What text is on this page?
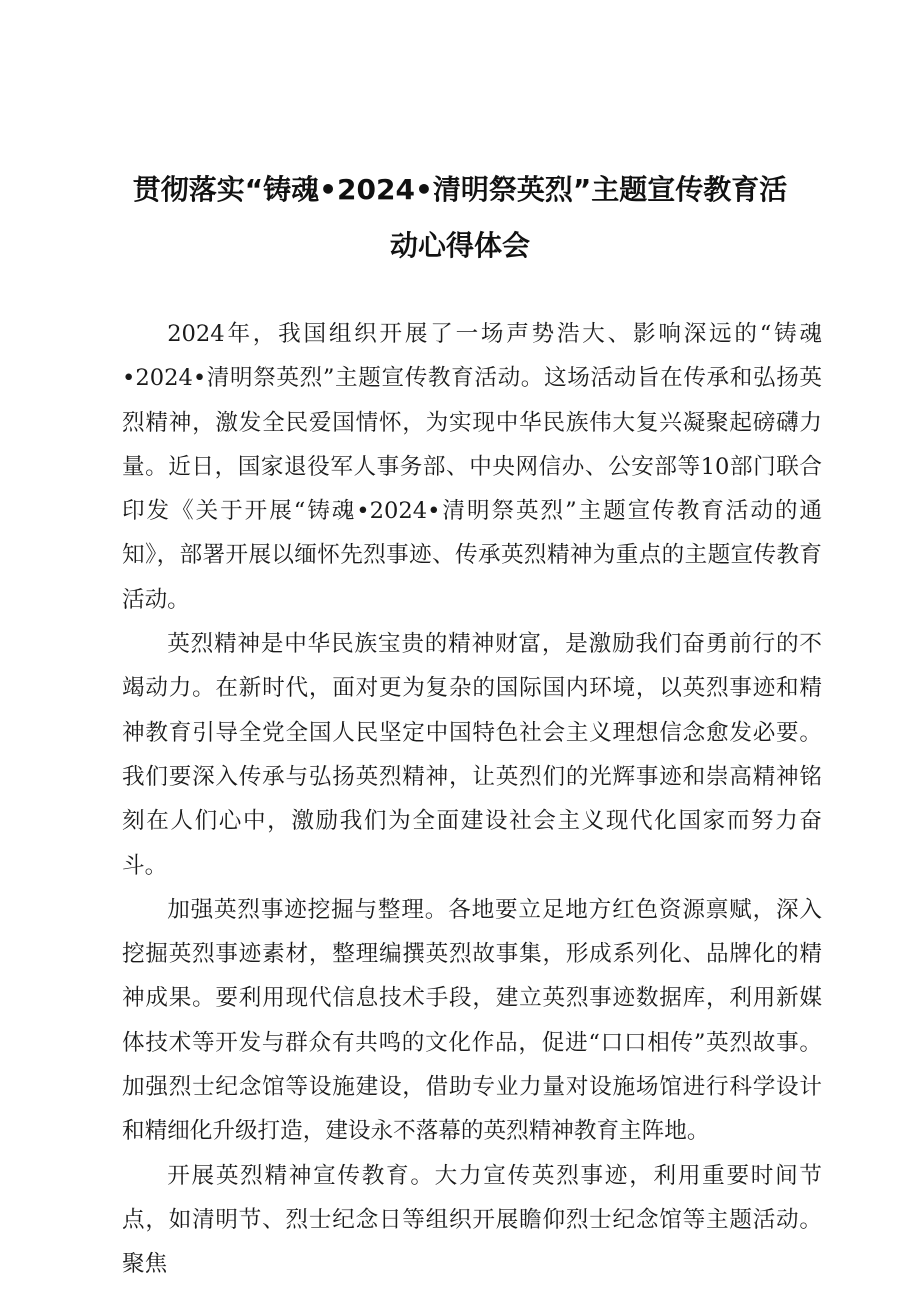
贯彻落实“铸魂•2024•清明祭英烈”主题宣传教育活
动心得体会

2024年，我国组织开展了一场声势浩大、影响深远的“铸魂•2024•清明祭英烈”主题宣传教育活动。这场活动旨在传承和弘扬英烈精神，激发全民爱国情怀，为实现中华民族伟大复兴凝聚起磅礴力量。近日，国家退役军人事务部、中央网信办、公安部等10部门联合印发《关于开展“铸魂•2024•清明祭英烈”主题宣传教育活动的通知》，部署开展以缅怀先烈事迹、传承英烈精神为重点的主题宣传教育活动。

英烈精神是中华民族宝贵的精神财富，是激励我们奋勇前行的不竭动力。在新时代，面对更为复杂的国际国内环境，以英烈事迹和精神教育引导全党全国人民坚定中国特色社会主义理想信念愈发必要。我们要深入传承与弘扬英烈精神，让英烈们的光辉事迹和崇高精神铭刻在人们心中，激励我们为全面建设社会主义现代化国家而努力奋斗。

加强英烈事迹挖掘与整理。各地要立足地方红色资源禀赋，深入挖掘英烈事迹素材，整理编撰英烈故事集，形成系列化、品牌化的精神成果。要利用现代信息技术手段，建立英烈事迹数据库，利用新媒体技术等开发与群众有共鸣的文化作品，促进“口口相传”英烈故事。加强烈士纪念馆等设施建设，借助专业力量对设施场馆进行科学设计和精细化升级打造，建设永不落幕的英烈精神教育主阵地。

开展英烈精神宣传教育。大力宣传英烈事迹，利用重要时间节点，如清明节、烈士纪念日等组织开展瞻仰烈士纪念馆等主题活动。聚焦
